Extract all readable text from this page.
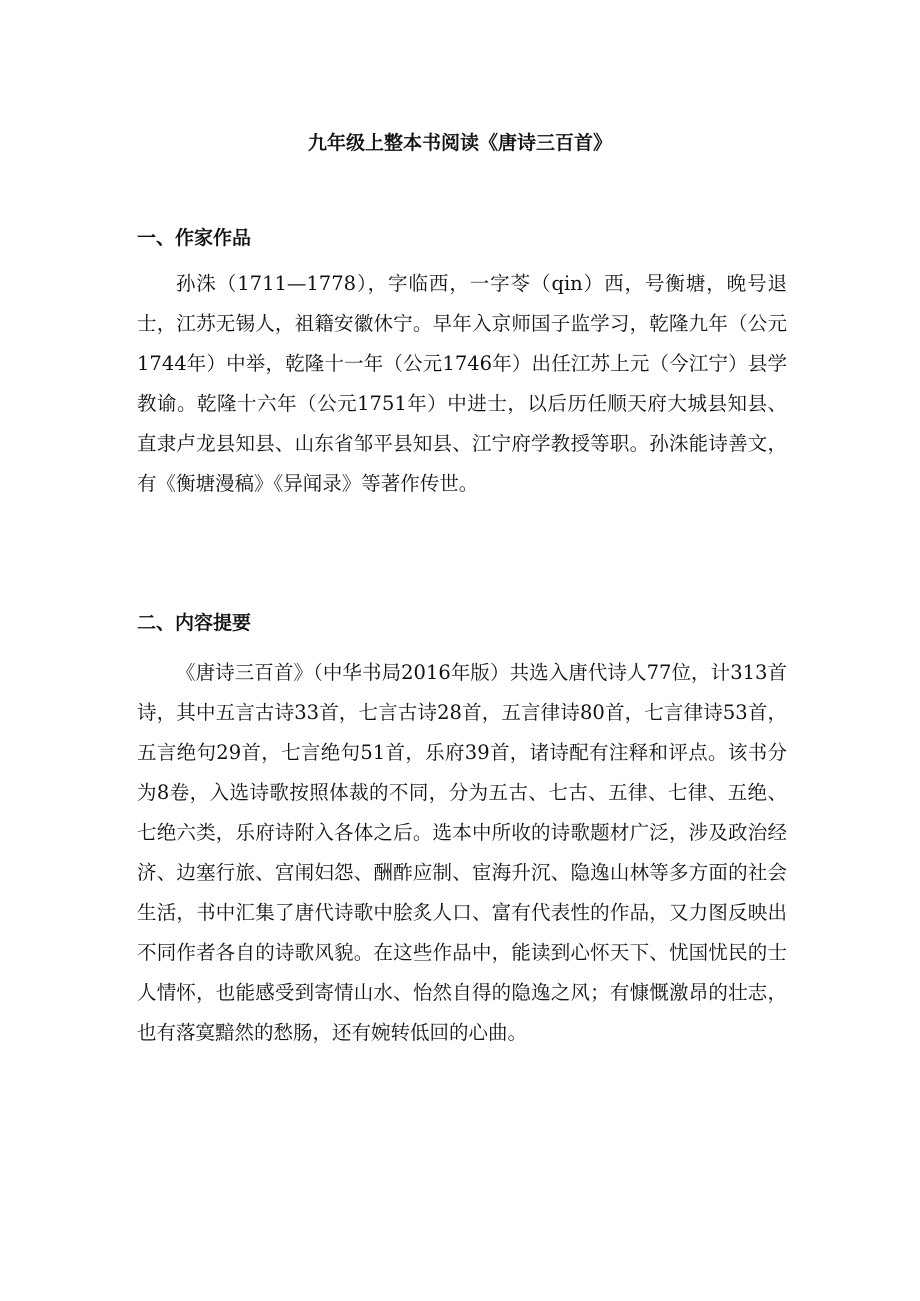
九年级上整本书阅读《唐诗三百首》
一、作家作品

孙洙（1711—1778），字临西，一字苓（qin）西，号衡塘，晚号退士，江苏无锡人，祖籍安徽休宁。早年入京师国子监学习，乾隆九年（公元1744年）中举，乾隆十一年（公元1746年）出任江苏上元（今江宁）县学教谕。乾隆十六年（公元1751年）中进士，以后历任顺天府大城县知县、直隶卢龙县知县、山东省邹平县知县、江宁府学教授等职。孙洙能诗善文，有《衡塘漫稿》《异闻录》等著作传世。

二、内容提要

《唐诗三百首》（中华书局2016年版）共选入唐代诗人77位，计313首诗，其中五言古诗33首，七言古诗28首，五言律诗80首，七言律诗53首，五言绝句29首，七言绝句51首，乐府39首，诸诗配有注释和评点。该书分为8卷，入选诗歌按照体裁的不同，分为五古、七古、五律、七律、五绝、七绝六类，乐府诗附入各体之后。选本中所收的诗歌题材广泛，涉及政治经济、边塞行旅、宫闱妇怨、酬酢应制、宦海升沉、隐逸山林等多方面的社会生活，书中汇集了唐代诗歌中脍炙人口、富有代表性的作品，又力图反映出不同作者各自的诗歌风貌。在这些作品中，能读到心怀天下、忧国忧民的士人情怀，也能感受到寄情山水、怡然自得的隐逸之风；有慷慨激昂的壮志，也有落寞黯然的愁肠，还有婉转低回的心曲。
